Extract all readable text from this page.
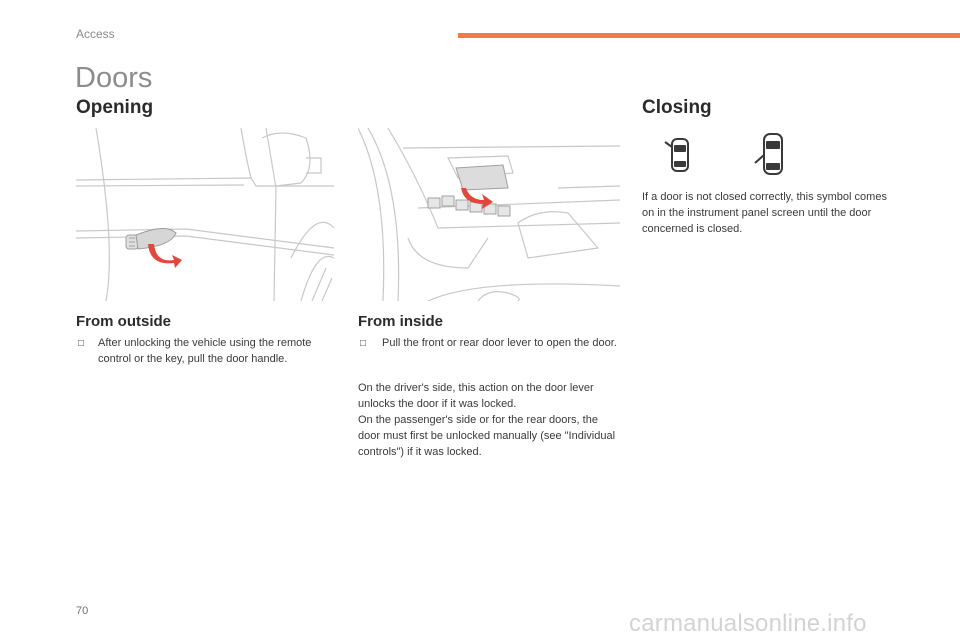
Access
Doors
Opening	Closing
From outside
□ After unlocking the vehicle using the remote control or the key, pull the door handle.
From inside
□ Pull the front or rear door lever to open the door.
On the driver's side, this action on the door lever unlocks the door if it was locked.
On the passenger's side or for the rear doors, the door must first be unlocked manually (see "Individual controls") if it was locked.
If a door is not closed correctly, this symbol comes on in the instrument panel screen until the door concerned is closed.
70	carmanualsonline.info
